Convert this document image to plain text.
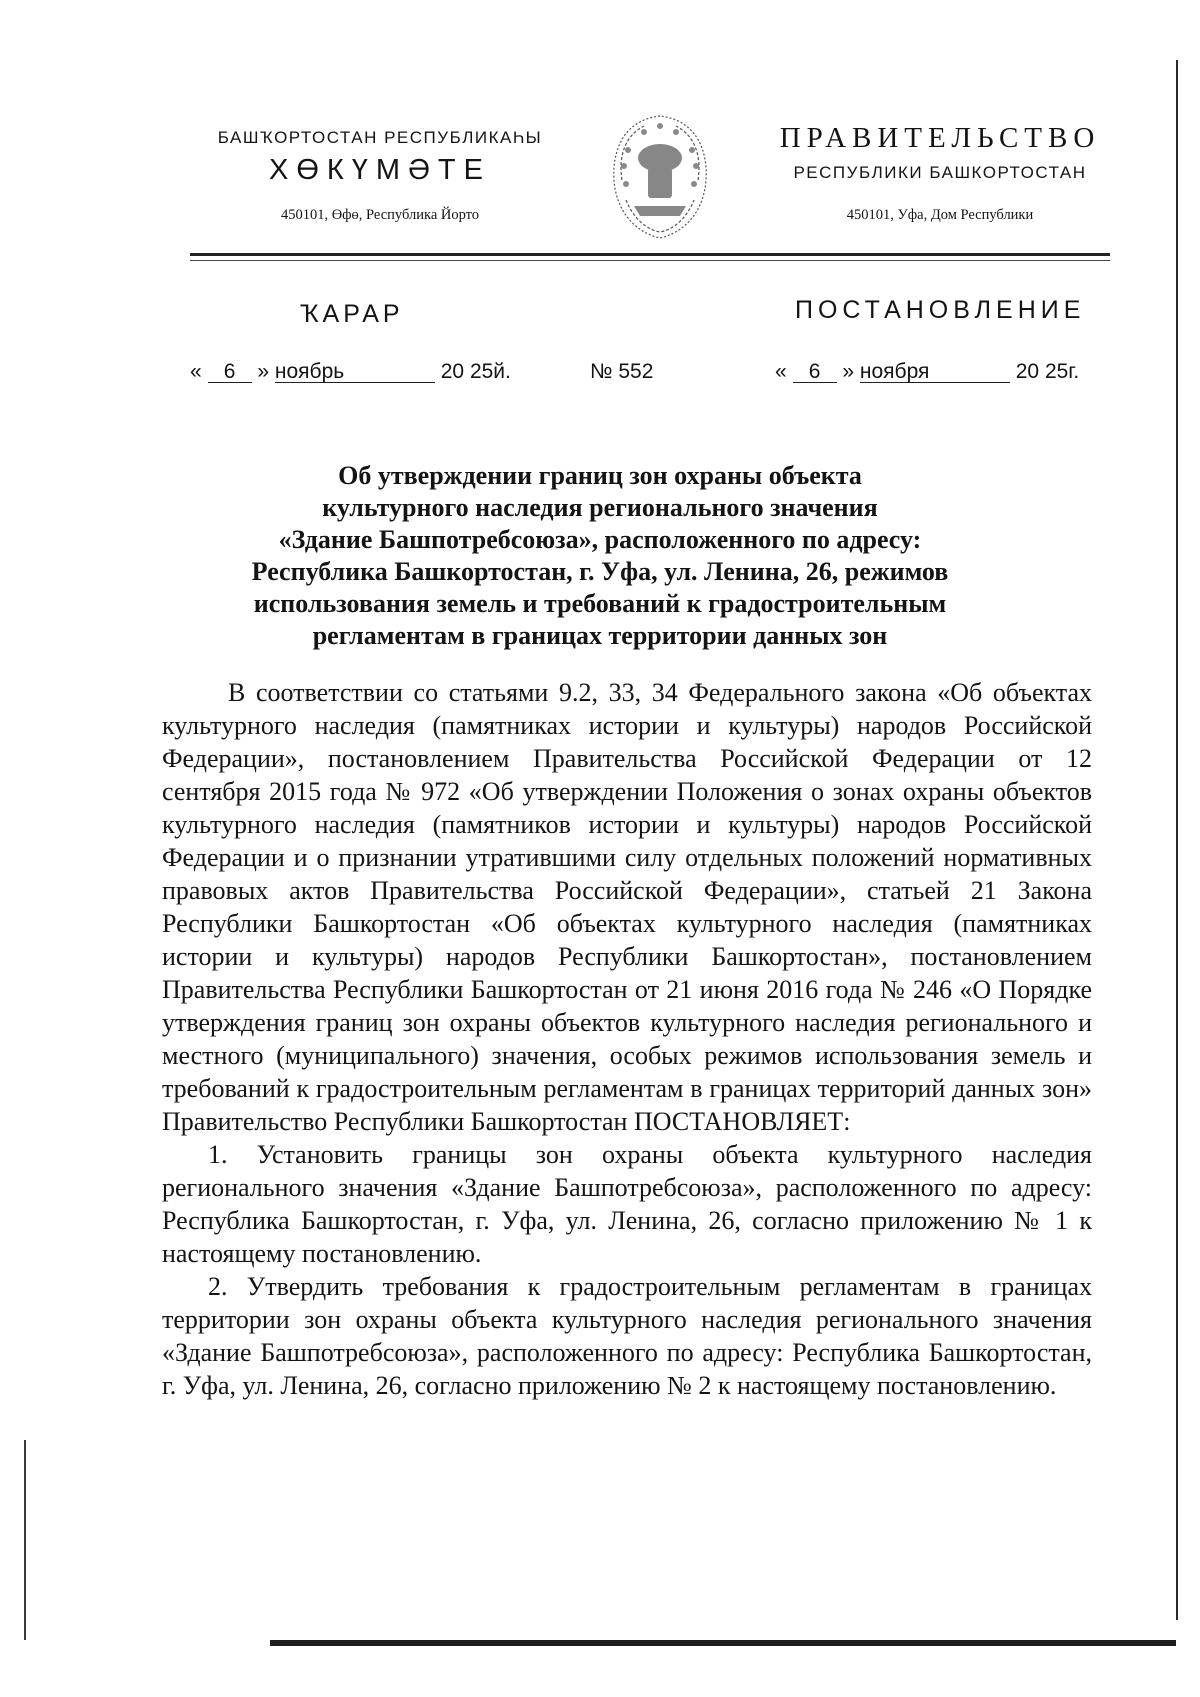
БАШҠОРТОСТАН РЕСПУБЛИКАҺЫ
ХӨКҮМӘТЕ
450101, Өфө, Республика Йорто
ПРАВИТЕЛЬСТВО
РЕСПУБЛИКИ БАШКОРТОСТАН
450101, Уфа, Дом Республики
ҠАРАР	ПОСТАНОВЛЕНИЕ
« 6 » ноябрь	20 25й.	№ 552	« 6 » ноября	20 25г.
Об утверждении границ зон охраны объекта
культурного наследия регионального значения
«Здание Башпотребсоюза», расположенного по адресу:
Республика Башкортостан, г. Уфа, ул. Ленина, 26, режимов
использования земель и требований к градостроительным
регламентам в границах территории данных зон

В соответствии со статьями 9.2, 33, 34 Федерального закона «Об объектах культурного наследия (памятниках истории и культуры) народов Российской Федерации», постановлением Правительства Российской Федерации от 12 сентября 2015 года № 972 «Об утверждении Положения о зонах охраны объектов культурного наследия (памятников истории и культуры) народов Российской Федерации и о признании утратившими силу отдельных положений нормативных правовых актов Правительства Российской Федерации», статьей 21 Закона Республики Башкортостан «Об объектах культурного наследия (памятниках истории и культуры) народов Республики Башкортостан», постановлением Правительства Республики Башкортостан от 21 июня 2016 года № 246 «О Порядке утверждения границ зон охраны объектов культурного наследия регионального и местного (муниципального) значения, особых режимов использования земель и требований к градостроительным регламентам в границах территорий данных зон» Правительство Республики Башкортостан ПОСТАНОВЛЯЕТ:

1. Установить границы зон охраны объекта культурного наследия регионального значения «Здание Башпотребсоюза», расположенного по адресу: Республика Башкортостан, г. Уфа, ул. Ленина, 26, согласно приложению № 1 к настоящему постановлению.

2. Утвердить требования к градостроительным регламентам в границах территории зон охраны объекта культурного наследия регионального значения «Здание Башпотребсоюза», расположенного по адресу: Республика Башкортостан, г. Уфа, ул. Ленина, 26, согласно приложению № 2 к настоящему постановлению.
